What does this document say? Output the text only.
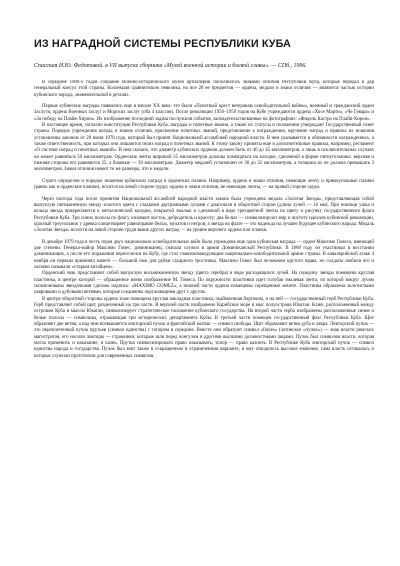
ИЗ НАГРАДНОЙ СИСТЕМЫ РЕСПУБЛИКИ КУБА
Спасская И.Ю. Федотовой. в VII выпуске сборника «Музей военной истории и боевой славы». — СПб., 1996.

В середине 1980-х годов собрание Военно-исторического музея артиллерии пополнилось знаками отличия Республики Куба, которые передал в дар генеральный консул этой страны. Коллекция сравнительно невелика, но все 28 ее предметов — ордена, медали и знаки отличия — являются частью истории кубинского народа, знаменательной в деталях.

Первые кубинские награды появились еще в начале XX века: это были «Почетный крест ветеранам освободительной войны», военный и гражданский орден Заслуги, ордена Военных заслуг и Морских заслуг (оба 4 классов). После революции 1956–1959 годов на Кубе учреждаются ордена «Хосе Марти», «Че Гевара» и «За победу на Плайя-Хирон». Их изображение последний задача послужили события, засвидетельствованные на фотографиях: «Фидель Кастро на Плайя-Хирон».

В настоящее время, согласно конституции Республики Куба, награды и почетные звания, а также их статусы и положения утверждает Государственный совет страны. Порядок учреждения наград и знаков отличия, присвоение почетных званий, представление к награждению, вручение наград и правила их ношения установлены законом от 28 июля 1978 года, который был принят Национальной ассамблеей народной власти. В нем указывается и обязанности награжденных, а также ответственность, при которых они лишаются своих наград и почетных званий. К этому закону приняты еще и дополнительные правила, например, регламент «О системе наград и почетных званий». В нем сказано, что диаметр кубинских орденов должен быть от 40 до 45 миллиметров, а лишь в исключительных случаях он может равняться 50 миллиметрам. Орденские ленты шириной 35 миллиметров должны помещаться на колодке, сделанной в форме пятиугольника: верхняя и нижняя стороны его равняются 25, а боковые — 30 миллиметрам. Диаметр медалей установлен от 30 до 32 миллиметров, а толщина их не должна превышать 3 миллиметров. Знаки отличия имеют те же размеры, что и медали.

Строго определен и порядок ношения кубинских наград и орденских планок. Например, ордена и знаки отличия, имеющие ленту и прямоугольные планки (равно как и орденские планки), носятся на левой стороне груди; ордена и знаки отличия, не имеющие ленты, — на правой стороне груди.

Через полгода года после принятия Национальной ассамблей народной власти закона была учреждена медаль «Золотая Звезда», представляющая собой выпуклую пятиконечную звезду золотого цвета с гладкими двугранными лучами с диагонали в оборотной сторон (длина лучей — 16 мм). При помощи ушка и кольца звезда прикрепляется к металлической колодке, покрытой эмалью и сделанной в виде трехцветной ленты по цвету и рисунку государственного флага Республики Куба. Три синих полосы по флагу означают восток, добродетель и красоту; два белых — символизируют мир и чистоту идеалов кубинской революции, красный треугольник у древка олицетворяет равноправие белых, мулатов и негров, а звезда на флаге — это надежда на лучшее будущее кубинского народа. Медаль «Золотая Звезда» носится на левой стороне груди выше других наград — на уровне верхнего ордена или планки.

В декабре 1979 года в честь героя двух национально-освободительных войн была учреждена еще одна кубинская награда — орден Максимо Гомеса, имеющий две степени. Генерал-майор Максимо Гомес, доминиканец, сначала служил в армии Доминиканской Республики. В 1868 году он участвовал в восстании доминиканцев, а после его поражения переселился на Кубу, где стал главнокомандующим национально-освободительной армии страны. В кавалерийской атаке 4 ноября он первым применял мачете — большой нож для рубки сахарного тростника. Максимо Гомес был человеком крутого нрава, но солдаты любили его и ласково называли «старым китайцем».

Орденский знак представляет собой выпуклую восьмиконечную звезду (цвета серебра) в виде расходящихся лучей. На середину звезды помещена круглая пластинка, в центре которой — обращенное влево изображение М. Гомеса. По окружности пластинки идет голубая эмалевая лента, по которой вокруг лучом скомпонованы звездочками сделана надпись: «MAXIMO GOMEZ», а нижней части ордена помещены скрещенные мачете. Пластинка обрамлена золотистыми лавровыми и дубовыми ветвями, которые соединены окружающими друг с другом.

В центре оборотной стороны ордена тоже помещена круглая накладная пластинка, окаймленная бортиком, и на ней — государственный герб Республики Куба. Герб представляет собой щит, разделенный на три части. В верхней части изображено Карибское море и мыс полуострова Юкатан. Ключ, расположенный между островом Куба и мысом Юкатан, символизирует стратегическое положение кубинского государства. На второй части герба изображены расположенные синие и белые полосы — символика, отражающая три исторических департамента Кубы. В третьей части помещен государственный флаг Республики Куба. Щит обрамляет две ветви, а над ним возвышается ликторский пучок и фригийский колпак — символ свободы. Щит обрамляют ветви дуба и лавра. Ликторский пучок — это переплетенный пучок прутьев (символ единства) с топором в середине. Вместе они образуют символ «fasces» (латинское «пучок») — знак власти римских магистратов, его носили ликторы — стражники, которые шли перед консулом и другими высшими должностными лицами. Пучок был символом власти, которая могла применить и наказание, и казнь. Прутья символизировали право наказывать, топор — право казнить. В Республике Куба ликторский пучок — символ единства народа и государства. Пучок был взят также в сокращенном и ограниченном варианте, и ему отводилось высокое значение, сама власть оставалась и которые служили прототипом для современных символов.
